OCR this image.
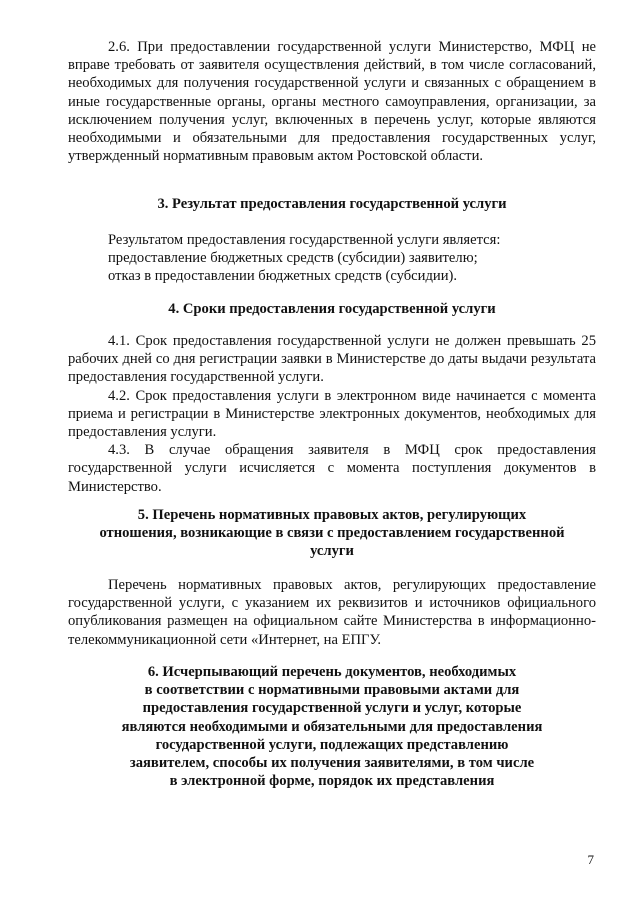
2.6. При предоставлении государственной услуги Министерство, МФЦ не вправе требовать от заявителя осуществления действий, в том числе согласований, необходимых для получения государственной услуги и связанных с обращением в иные государственные органы, органы местного самоуправления, организации, за исключением получения услуг, включенных в перечень услуг, которые являются необходимыми и обязательными для предоставления государственных услуг, утвержденный нормативным правовым актом Ростовской области.

3. Результат предоставления государственной услуги
Результатом предоставления государственной услуги является:
предоставление бюджетных средств (субсидии) заявителю;
отказ в предоставлении бюджетных средств (субсидии).
4. Сроки предоставления государственной услуги

4.1. Срок предоставления государственной услуги не должен превышать 25 рабочих дней со дня регистрации заявки в Министерстве до даты выдачи результата предоставления государственной услуги.

4.2. Срок предоставления услуги в электронном виде начинается с момента приема и регистрации в Министерстве электронных документов, необходимых для предоставления услуги.

4.3. В случае обращения заявителя в МФЦ срок предоставления государственной услуги исчисляется с момента поступления документов в Министерство.

5. Перечень нормативных правовых актов, регулирующих
отношения, возникающие в связи с предоставлением государственной
услуги

Перечень нормативных правовых актов, регулирующих предоставление государственной услуги, с указанием их реквизитов и источников официального опубликования размещен на официальном сайте Министерства в информационно-телекоммуникационной сети «Интернет, на ЕПГУ.

6. Исчерпывающий перечень документов, необходимых
в соответствии с нормативными правовыми актами для
предоставления государственной услуги и услуг, которые
являются необходимыми и обязательными для предоставления
государственной услуги, подлежащих представлению
заявителем, способы их получения заявителями, в том числе
в электронной форме, порядок их представления
7
